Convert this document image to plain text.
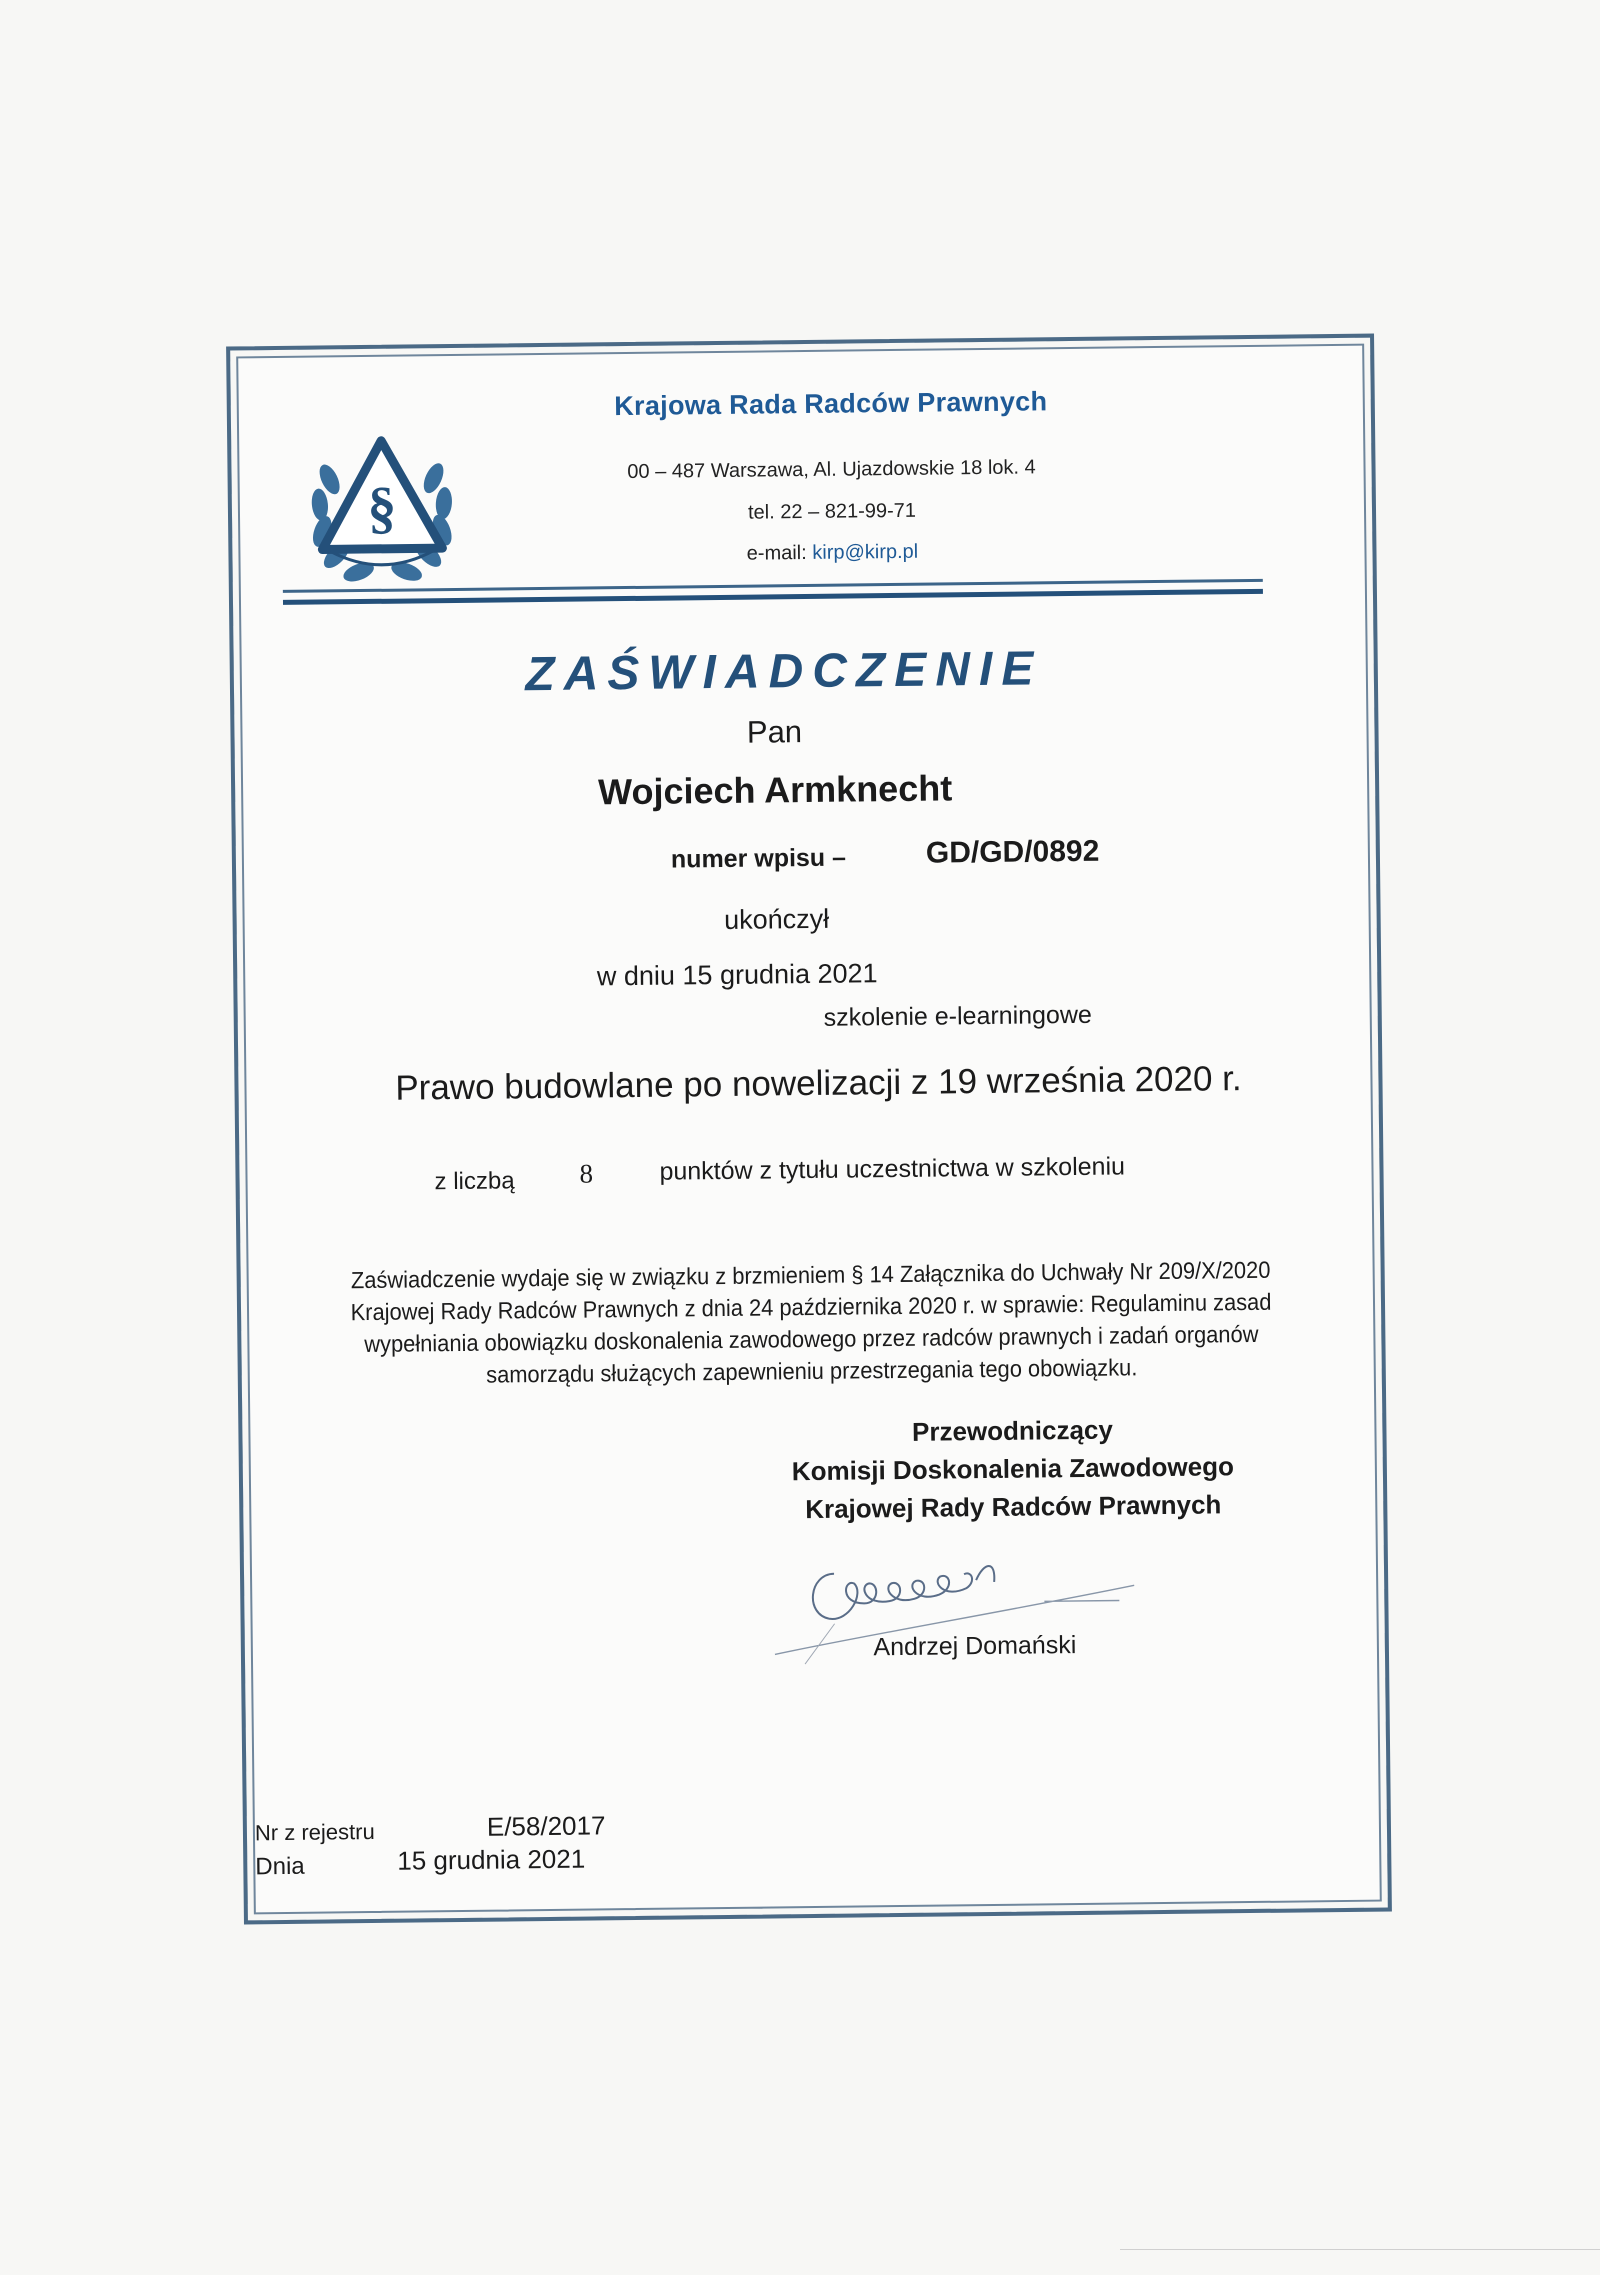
§
Krajowa Rada Radców Prawnych
00 – 487 Warszawa, Al. Ujazdowskie 18 lok. 4
tel. 22 – 821-99-71
e-mail: kirp@kirp.pl
ZAŚWIADCZENIE
Pan
Wojciech Armknecht
numer wpisu –	GD/GD/0892
ukończył
w dniu 15 grudnia 2021
szkolenie e-learningowe
Prawo budowlane po nowelizacji z 19 września 2020 r.
z liczbą	8	punktów z tytułu uczestnictwa w szkoleniu
Zaświadczenie wydaje się w związku z brzmieniem § 14 Załącznika do Uchwały Nr 209/X/2020 Krajowej Rady Radców Prawnych z dnia 24 października 2020 r. w sprawie: Regulaminu zasad wypełniania obowiązku doskonalenia zawodowego przez radców prawnych i zadań organów samorządu służących zapewnieniu przestrzegania tego obowiązku.
Przewodniczący
Komisji Doskonalenia Zawodowego
Krajowej Rady Radców Prawnych
Andrzej Domański
Nr z rejestru	E/58/2017
Dnia	15 grudnia 2021
